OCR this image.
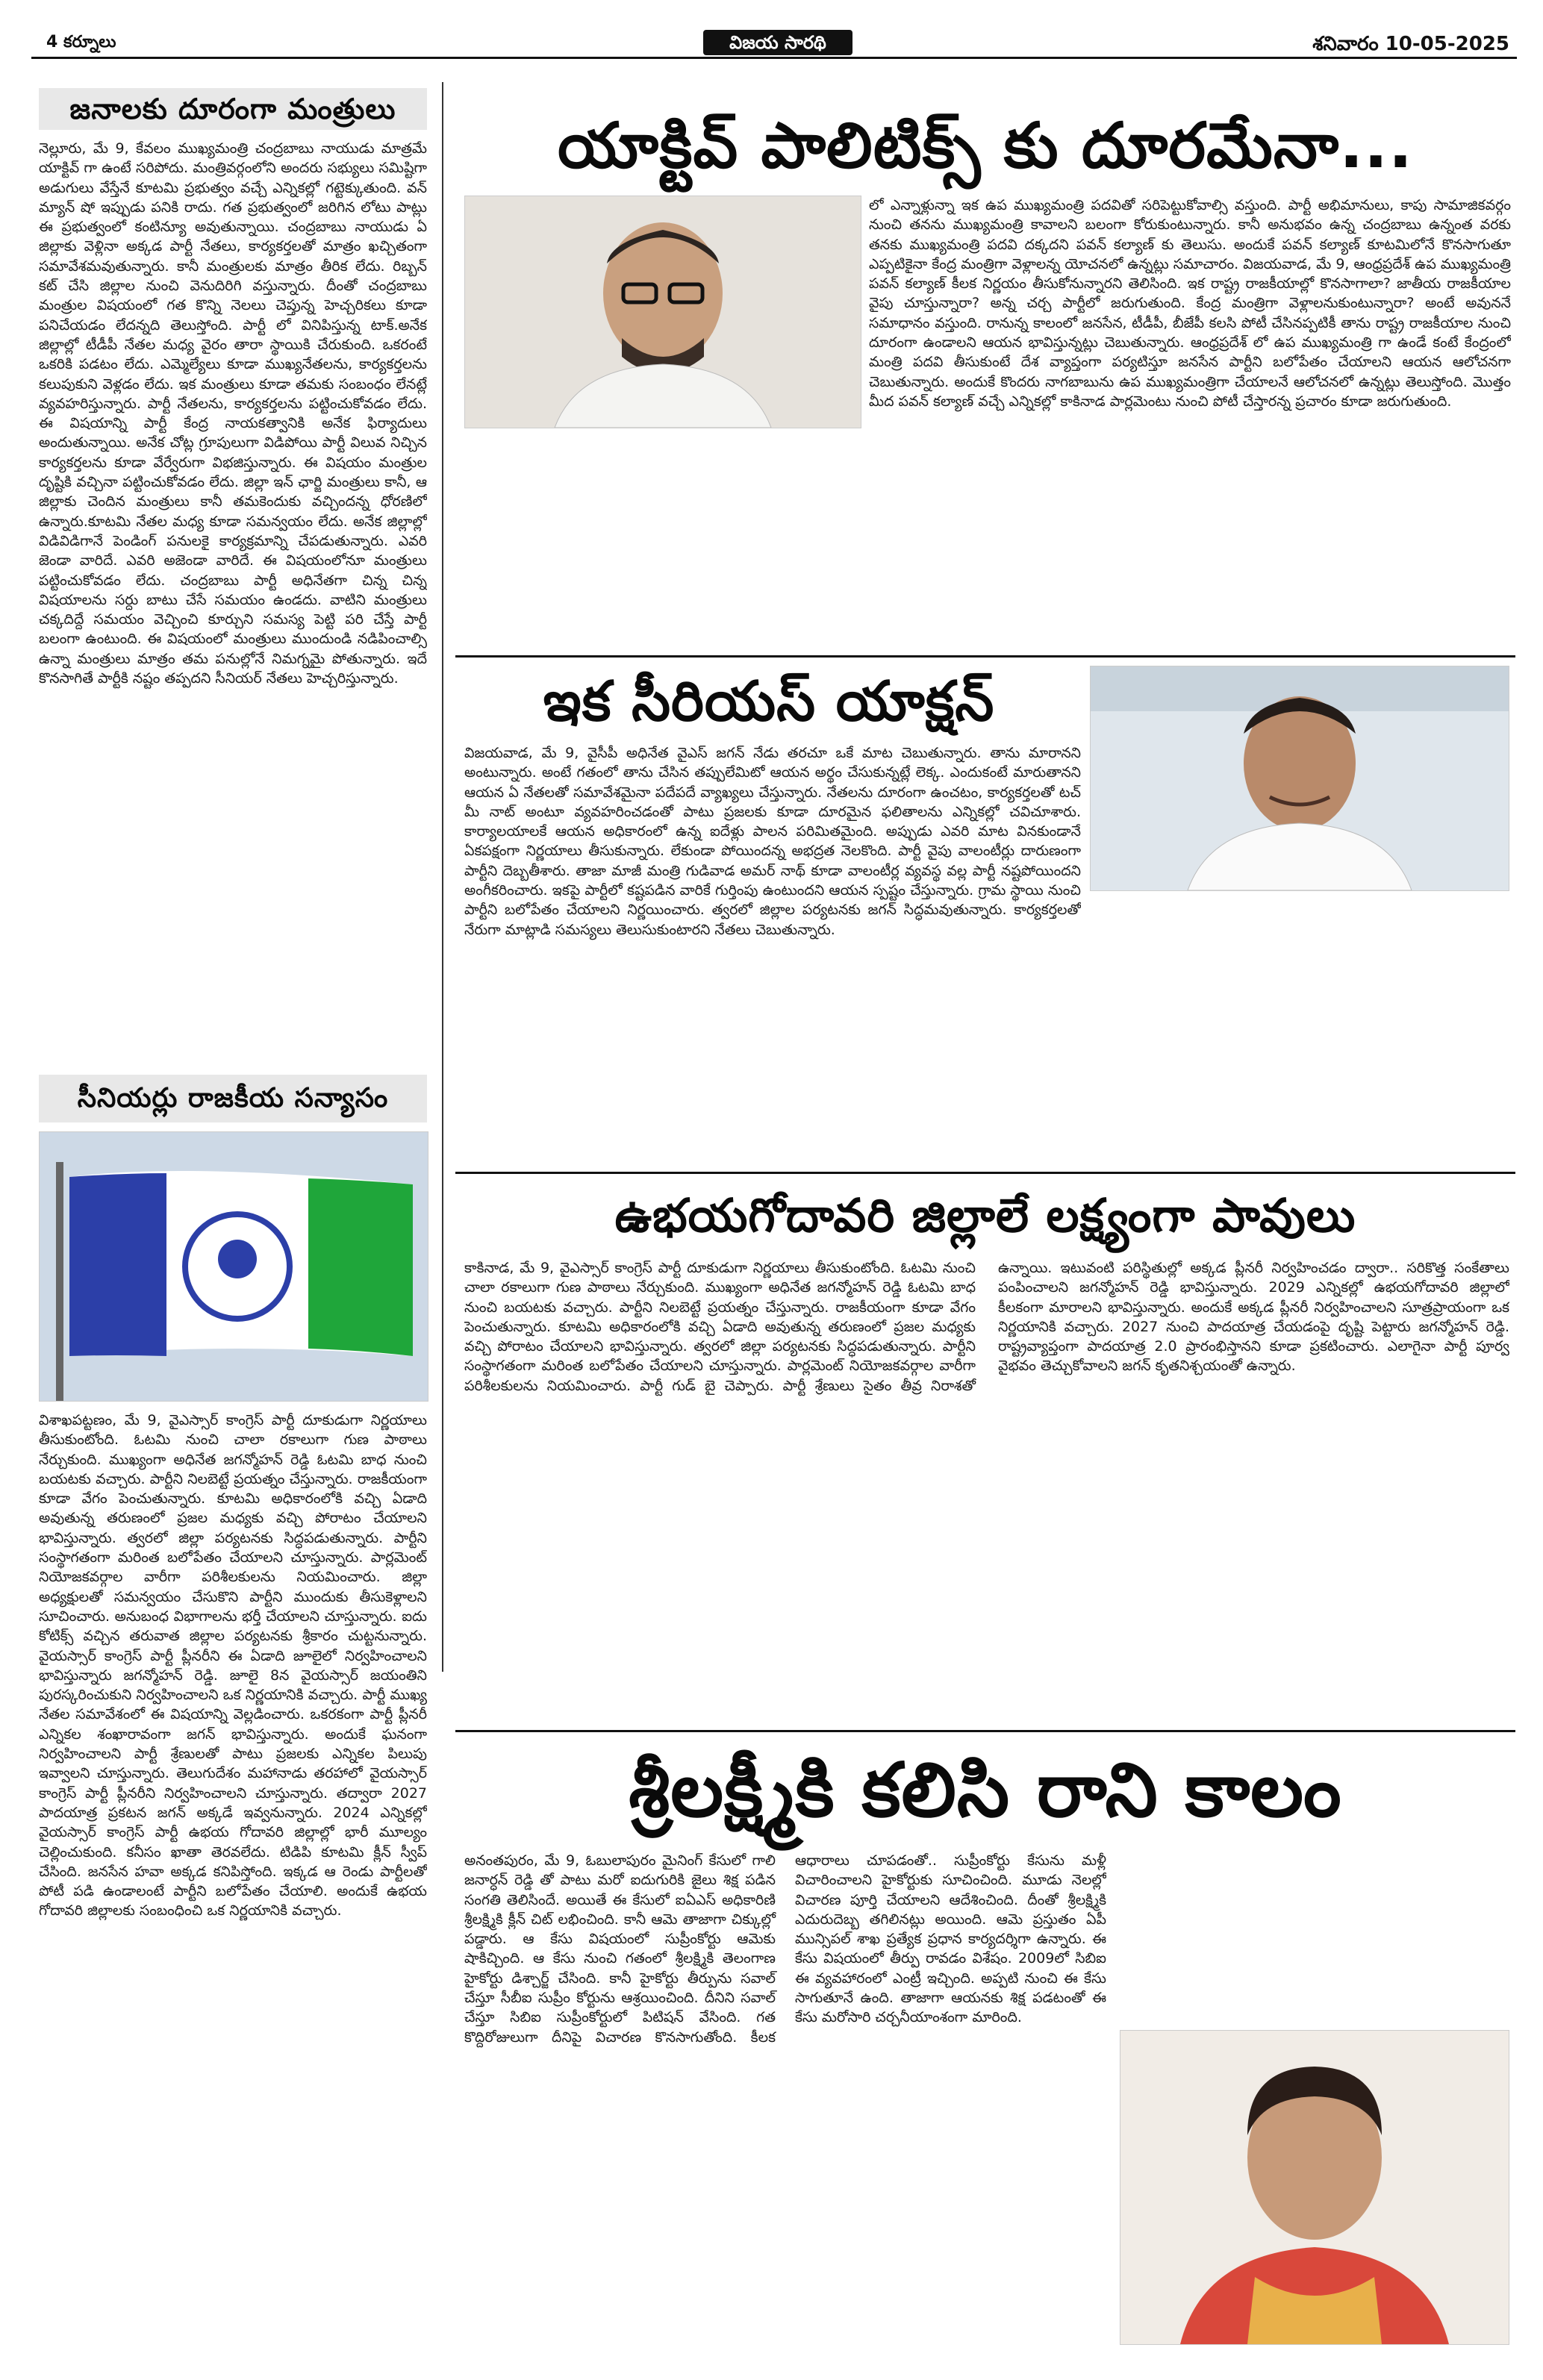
4 కర్నూలు	విజయ సారథి	శనివారం 10-05-2025
జనాలకు దూరంగా మంత్రులు
నెల్లూరు, మే 9, కేవలం ముఖ్యమంత్రి చంద్రబాబు నాయుడు మాత్రమే యాక్టివ్ గా ఉంటే సరిపోదు. మంత్రివర్గంలోని అందరు సభ్యులు సమిష్టిగా అడుగులు వేస్తేనే కూటమి ప్రభుత్వం వచ్చే ఎన్నికల్లో గట్టెక్కుతుంది. వన్ మ్యాన్ షో ఇప్పుడు పనికి రాదు. గత ప్రభుత్వంలో జరిగిన లోటు పాట్లు ఈ ప్రభుత్వంలో కంటిన్యూ అవుతున్నాయి. చంద్రబాబు నాయుడు ఏ జిల్లాకు వెళ్లినా అక్కడ పార్టీ నేతలు, కార్యకర్తలతో మాత్రం ఖచ్చితంగా సమావేశమవుతున్నారు. కానీ మంత్రులకు మాత్రం తీరిక లేదు. రిబ్బన్ కట్ చేసి జిల్లాల నుంచి వెనుదిరిగి వస్తున్నారు. దీంతో చంద్రబాబు మంత్రుల విషయంలో గత కొన్ని నెలలు చెప్తున్న హెచ్చరికలు కూడా పనిచేయడం లేదన్నది తెలుస్తోంది. పార్టీ లో వినిపిస్తున్న టాక్.అనేక జిల్లాల్లో టీడీపీ నేతల మధ్య వైరం తారా స్థాయికి చేరుకుంది. ఒకరంటే ఒకరికి పడటం లేదు. ఎమ్మెల్యేలు కూడా ముఖ్యనేతలను, కార్యకర్తలను కలుపుకుని వెళ్లడం లేదు. ఇక మంత్రులు కూడా తమకు సంబంధం లేనట్లే వ్యవహరిస్తున్నారు. పార్టీ నేతలను, కార్యకర్తలను పట్టించుకోవడం లేదు. ఈ విషయాన్ని పార్టీ కేంద్ర నాయకత్వానికి అనేక ఫిర్యాదులు అందుతున్నాయి. అనేక చోట్ల గ్రూపులుగా విడిపోయి పార్టీ విలువ నిచ్చిన కార్యకర్తలను కూడా వేర్వేరుగా విభజిస్తున్నారు. ఈ విషయం మంత్రుల దృష్టికి వచ్చినా పట్టించుకోవడం లేదు. జిల్లా ఇన్ ఛార్జి మంత్రులు కానీ, ఆ జిల్లాకు చెందిన మంత్రులు కానీ తమకెందుకు వచ్చిందన్న ధోరణిలో ఉన్నారు.కూటమి నేతల మధ్య కూడా సమన్వయం లేదు. అనేక జిల్లాల్లో విడివిడిగానే పెండింగ్ పనులకై కార్యక్రమాన్ని చేపడుతున్నారు. ఎవరి జెండా వారిదే. ఎవరి అజెండా వారిదే. ఈ విషయంలోనూ మంత్రులు పట్టించుకోవడం లేదు. చంద్రబాబు పార్టీ అధినేతగా చిన్న చిన్న విషయాలను సర్దు బాటు చేసే సమయం ఉండదు. వాటిని మంత్రులు చక్కదిద్దే సమయం వెచ్చించి కూర్చుని సమస్య పెట్టి పరి చేస్తే పార్టీ బలంగా ఉంటుంది. ఈ విషయంలో మంత్రులు ముందుండి నడిపించాల్సి ఉన్నా మంత్రులు మాత్రం తమ పనుల్లోనే నిమగ్నమై పోతున్నారు. ఇదే కొనసాగితే పార్టీకి నష్టం తప్పదని సీనియర్ నేతలు హెచ్చరిస్తున్నారు.
యాక్టివ్ పాలిటిక్స్ కు దూరమేనా...
లో ఎన్నాళ్లున్నా ఇక ఉప ముఖ్యమంత్రి పదవితో సరిపెట్టుకోవాల్సి వస్తుంది. పార్టీ అభిమానులు, కాపు సామాజికవర్గం నుంచి తనను ముఖ్యమంత్రి కావాలని బలంగా కోరుకుంటున్నారు. కానీ అనుభవం ఉన్న చంద్రబాబు ఉన్నంత వరకు తనకు ముఖ్యమంత్రి పదవి దక్కదని పవన్ కల్యాణ్ కు తెలుసు. అందుకే పవన్ కల్యాణ్ కూటమిలోనే కొనసాగుతూ ఎప్పటికైనా కేంద్ర మంత్రిగా వెళ్లాలన్న యోచనలో ఉన్నట్లు సమాచారం. విజయవాడ, మే 9, ఆంధ్రప్రదేశ్ ఉప ముఖ్యమంత్రి పవన్ కల్యాణ్ కీలక నిర్ణయం తీసుకోనున్నారని తెలిసింది. ఇక రాష్ట్ర రాజకీయాల్లో కొనసాగాలా? జాతీయ రాజకీయాల వైపు చూస్తున్నారా? అన్న చర్చ పార్టీలో జరుగుతుంది. కేంద్ర మంత్రిగా వెళ్లాలనుకుంటున్నారా? అంటే అవుననే సమాధానం వస్తుంది. రానున్న కాలంలో జనసేన, టీడీపీ, బీజేపీ కలసి పోటీ చేసినప్పటికీ తాను రాష్ట్ర రాజకీయాల నుంచి దూరంగా ఉండాలని ఆయన భావిస్తున్నట్లు చెబుతున్నారు. ఆంధ్రప్రదేశ్ లో ఉప ముఖ్యమంత్రి గా ఉండే కంటే కేంద్రంలో మంత్రి పదవి తీసుకుంటే దేశ వ్యాప్తంగా పర్యటిస్తూ జనసేన పార్టీని బలోపేతం చేయాలని ఆయన ఆలోచనగా చెబుతున్నారు. అందుకే కొందరు నాగబాబును ఉప ముఖ్యమంత్రిగా చేయాలనే ఆలోచనలో ఉన్నట్లు తెలుస్తోంది. మొత్తం మీద పవన్ కల్యాణ్ వచ్చే ఎన్నికల్లో కాకినాడ పార్లమెంటు నుంచి పోటీ చేస్తారన్న ప్రచారం కూడా జరుగుతుంది.
ఇక సీరియస్ యాక్షన్
విజయవాడ, మే 9, వైసీపీ అధినేత వైఎస్ జగన్ నేడు తరచూ ఒకే మాట చెబుతున్నారు. తాను మారానని అంటున్నారు. అంటే గతంలో తాను చేసిన తప్పులేమిటో ఆయన అర్థం చేసుకున్నట్లే లెక్క. ఎందుకంటే మారుతానని ఆయన ఏ నేతలతో సమావేశమైనా పదేపదే వ్యాఖ్యలు చేస్తున్నారు. నేతలను దూరంగా ఉంచటం, కార్యకర్తలతో టచ్ మీ నాట్ అంటూ వ్యవహరించడంతో పాటు ప్రజలకు కూడా దూరమైన ఫలితాలను ఎన్నికల్లో చవిచూశారు. కార్యాలయాలకే ఆయన అధికారంలో ఉన్న ఐదేళ్లు పాలన పరిమితమైంది. అప్పుడు ఎవరి మాట వినకుండానే ఏకపక్షంగా నిర్ణయాలు తీసుకున్నారు. లేకుండా పోయిందన్న అభద్రత నెలకొంది. పార్టీ వైపు వాలంటీర్లు దారుణంగా పార్టీని దెబ్బతీశారు. తాజా మాజీ మంత్రి గుడివాడ అమర్ నాథ్ కూడా వాలంటీర్ల వ్యవస్థ వల్ల పార్టీ నష్టపోయిందని అంగీకరించారు. ఇకపై పార్టీలో కష్టపడిన వారికే గుర్తింపు ఉంటుందని ఆయన స్పష్టం చేస్తున్నారు. గ్రామ స్థాయి నుంచి పార్టీని బలోపేతం చేయాలని నిర్ణయించారు. త్వరలో జిల్లాల పర్యటనకు జగన్ సిద్ధమవుతున్నారు. కార్యకర్తలతో నేరుగా మాట్లాడి సమస్యలు తెలుసుకుంటారని నేతలు చెబుతున్నారు.
సీనియర్లు రాజకీయ సన్యాసం
విశాఖపట్టణం, మే 9, వైఎస్సార్ కాంగ్రెస్ పార్టీ దూకుడుగా నిర్ణయాలు తీసుకుంటోంది. ఓటమి నుంచి చాలా రకాలుగా గుణ పాఠాలు నేర్చుకుంది. ముఖ్యంగా అధినేత జగన్మోహన్ రెడ్డి ఓటమి బాధ నుంచి బయటకు వచ్చారు. పార్టీని నిలబెట్టే ప్రయత్నం చేస్తున్నారు. రాజకీయంగా కూడా వేగం పెంచుతున్నారు. కూటమి అధికారంలోకి వచ్చి ఏడాది అవుతున్న తరుణంలో ప్రజల మధ్యకు వచ్చి పోరాటం చేయాలని భావిస్తున్నారు. త్వరలో జిల్లా పర్యటనకు సిద్ధపడుతున్నారు. పార్టీని సంస్థాగతంగా మరింత బలోపేతం చేయాలని చూస్తున్నారు. పార్లమెంట్ నియోజకవర్గాల వారీగా పరిశీలకులను నియమించారు. జిల్లా అధ్యక్షులతో సమన్వయం చేసుకొని పార్టీని ముందుకు తీసుకెళ్లాలని సూచించారు. అనుబంధ విభాగాలను భర్తీ చేయాలని చూస్తున్నారు. ఐదు కోటిక్స్ వచ్చిన తరువాత జిల్లాల పర్యటనకు శ్రీకారం చుట్టనున్నారు. వైయస్సార్ కాంగ్రెస్ పార్టీ ప్లీనరీని ఈ ఏడాది జూలైలో నిర్వహించాలని భావిస్తున్నారు జగన్మోహన్ రెడ్డి. జూలై 8న వైయస్సార్ జయంతిని పురస్కరించుకుని నిర్వహించాలని ఒక నిర్ణయానికి వచ్చారు. పార్టీ ముఖ్య నేతల సమావేశంలో ఈ విషయాన్ని వెల్లడించారు. ఒకరకంగా పార్టీ ప్లీనరీ ఎన్నికల శంఖారావంగా జగన్ భావిస్తున్నారు. అందుకే ఘనంగా నిర్వహించాలని పార్టీ శ్రేణులతో పాటు ప్రజలకు ఎన్నికల పిలుపు ఇవ్వాలని చూస్తున్నారు. తెలుగుదేశం మహానాడు తరహాలో వైయస్సార్ కాంగ్రెస్ పార్టీ ప్లీనరీని నిర్వహించాలని చూస్తున్నారు. తద్వారా 2027 పాదయాత్ర ప్రకటన జగన్ అక్కడే ఇవ్వనున్నారు. 2024 ఎన్నికల్లో వైయస్సార్ కాంగ్రెస్ పార్టీ ఉభయ గోదావరి జిల్లాల్లో భారీ మూల్యం చెల్లించుకుంది. కనీసం ఖాతా తెరవలేదు. టిడిపి కూటమి క్లీన్ స్వీప్ చేసింది. జనసేన హవా అక్కడ కనిపిస్తోంది. ఇక్కడ ఆ రెండు పార్టీలతో పోటీ పడి ఉండాలంటే పార్టీని బలోపేతం చేయాలి. అందుకే ఉభయ గోదావరి జిల్లాలకు సంబంధించి ఒక నిర్ణయానికి వచ్చారు.
ఉభయగోదావరి జిల్లాలే లక్ష్యంగా పావులు
కాకినాడ, మే 9, వైఎస్సార్ కాంగ్రెస్ పార్టీ దూకుడుగా నిర్ణయాలు తీసుకుంటోంది. ఓటమి నుంచి చాలా రకాలుగా గుణ పాఠాలు నేర్చుకుంది. ముఖ్యంగా అధినేత జగన్మోహన్ రెడ్డి ఓటమి బాధ నుంచి బయటకు వచ్చారు. పార్టీని నిలబెట్టే ప్రయత్నం చేస్తున్నారు. రాజకీయంగా కూడా వేగం పెంచుతున్నారు. కూటమి అధికారంలోకి వచ్చి ఏడాది అవుతున్న తరుణంలో ప్రజల మధ్యకు వచ్చి పోరాటం చేయాలని భావిస్తున్నారు. త్వరలో జిల్లా పర్యటనకు సిద్ధపడుతున్నారు. పార్టీని సంస్థాగతంగా మరింత బలోపేతం చేయాలని చూస్తున్నారు. పార్లమెంట్ నియోజకవర్గాల వారీగా పరిశీలకులను నియమించారు. పార్టీ గుడ్ బై చెప్పారు. పార్టీ శ్రేణులు సైతం తీవ్ర నిరాశతో ఉన్నాయి. ఇటువంటి పరిస్థితుల్లో అక్కడ ప్లీనరీ నిర్వహించడం ద్వారా.. సరికొత్త సంకేతాలు పంపించాలని జగన్మోహన్ రెడ్డి భావిస్తున్నారు. 2029 ఎన్నికల్లో ఉభయగోదావరి జిల్లాలో కీలకంగా మారాలని భావిస్తున్నారు. అందుకే అక్కడ ప్లీనరీ నిర్వహించాలని సూత్రప్రాయంగా ఒక నిర్ణయానికి వచ్చారు. 2027 నుంచి పాదయాత్ర చేయడంపై దృష్టి పెట్టారు జగన్మోహన్ రెడ్డి. రాష్ట్రవ్యాప్తంగా పాదయాత్ర 2.0 ప్రారంభిస్తానని కూడా ప్రకటించారు. ఎలాగైనా పార్టీ పూర్వ వైభవం తెచ్చుకోవాలని జగన్ కృతనిశ్చయంతో ఉన్నారు.
శ్రీలక్ష్మీకి కలిసి రాని కాలం
అనంతపురం, మే 9, ఓబులాపురం మైనింగ్ కేసులో గాలి జనార్ధన్ రెడ్డి తో పాటు మరో ఐదుగురికి జైలు శిక్ష పడిన సంగతి తెలిసిందే. అయితే ఈ కేసులో ఐఏఎస్ అధికారిణి శ్రీలక్ష్మికి క్లీన్ చిట్ లభించింది. కానీ ఆమె తాజాగా చిక్కుల్లో పడ్డారు. ఆ కేసు విషయంలో సుప్రీంకోర్టు ఆమెకు షాకిచ్చింది. ఆ కేసు నుంచి గతంలో శ్రీలక్ష్మికి తెలంగాణ హైకోర్టు డిశ్చార్జ్ చేసింది. కానీ హైకోర్టు తీర్పును సవాల్ చేస్తూ సీబీఐ సుప్రీం కోర్టును ఆశ్రయించింది. దీనిని సవాల్ చేస్తూ సిబిఐ సుప్రీంకోర్టులో పిటిషన్ వేసింది. గత కొద్దిరోజులుగా దీనిపై విచారణ కొనసాగుతోంది. కీలక ఆధారాలు చూపడంతో.. సుప్రీంకోర్టు కేసును మళ్లీ విచారించాలని హైకోర్టుకు సూచించింది. మూడు నెలల్లో విచారణ పూర్తి చేయాలని ఆదేశించింది. దీంతో శ్రీలక్ష్మికి ఎదురుదెబ్బ తగిలినట్లు అయింది. ఆమె ప్రస్తుతం ఏపీ మున్సిపల్ శాఖ ప్రత్యేక ప్రధాన కార్యదర్శిగా ఉన్నారు. ఈ కేసు విషయంలో తీర్పు రావడం విశేషం. 2009లో సిబిఐ ఈ వ్యవహారంలో ఎంట్రీ ఇచ్చింది. అప్పటి నుంచి ఈ కేసు సాగుతూనే ఉంది. తాజాగా ఆయనకు శిక్ష పడటంతో ఈ కేసు మరోసారి చర్చనీయాంశంగా మారింది.
